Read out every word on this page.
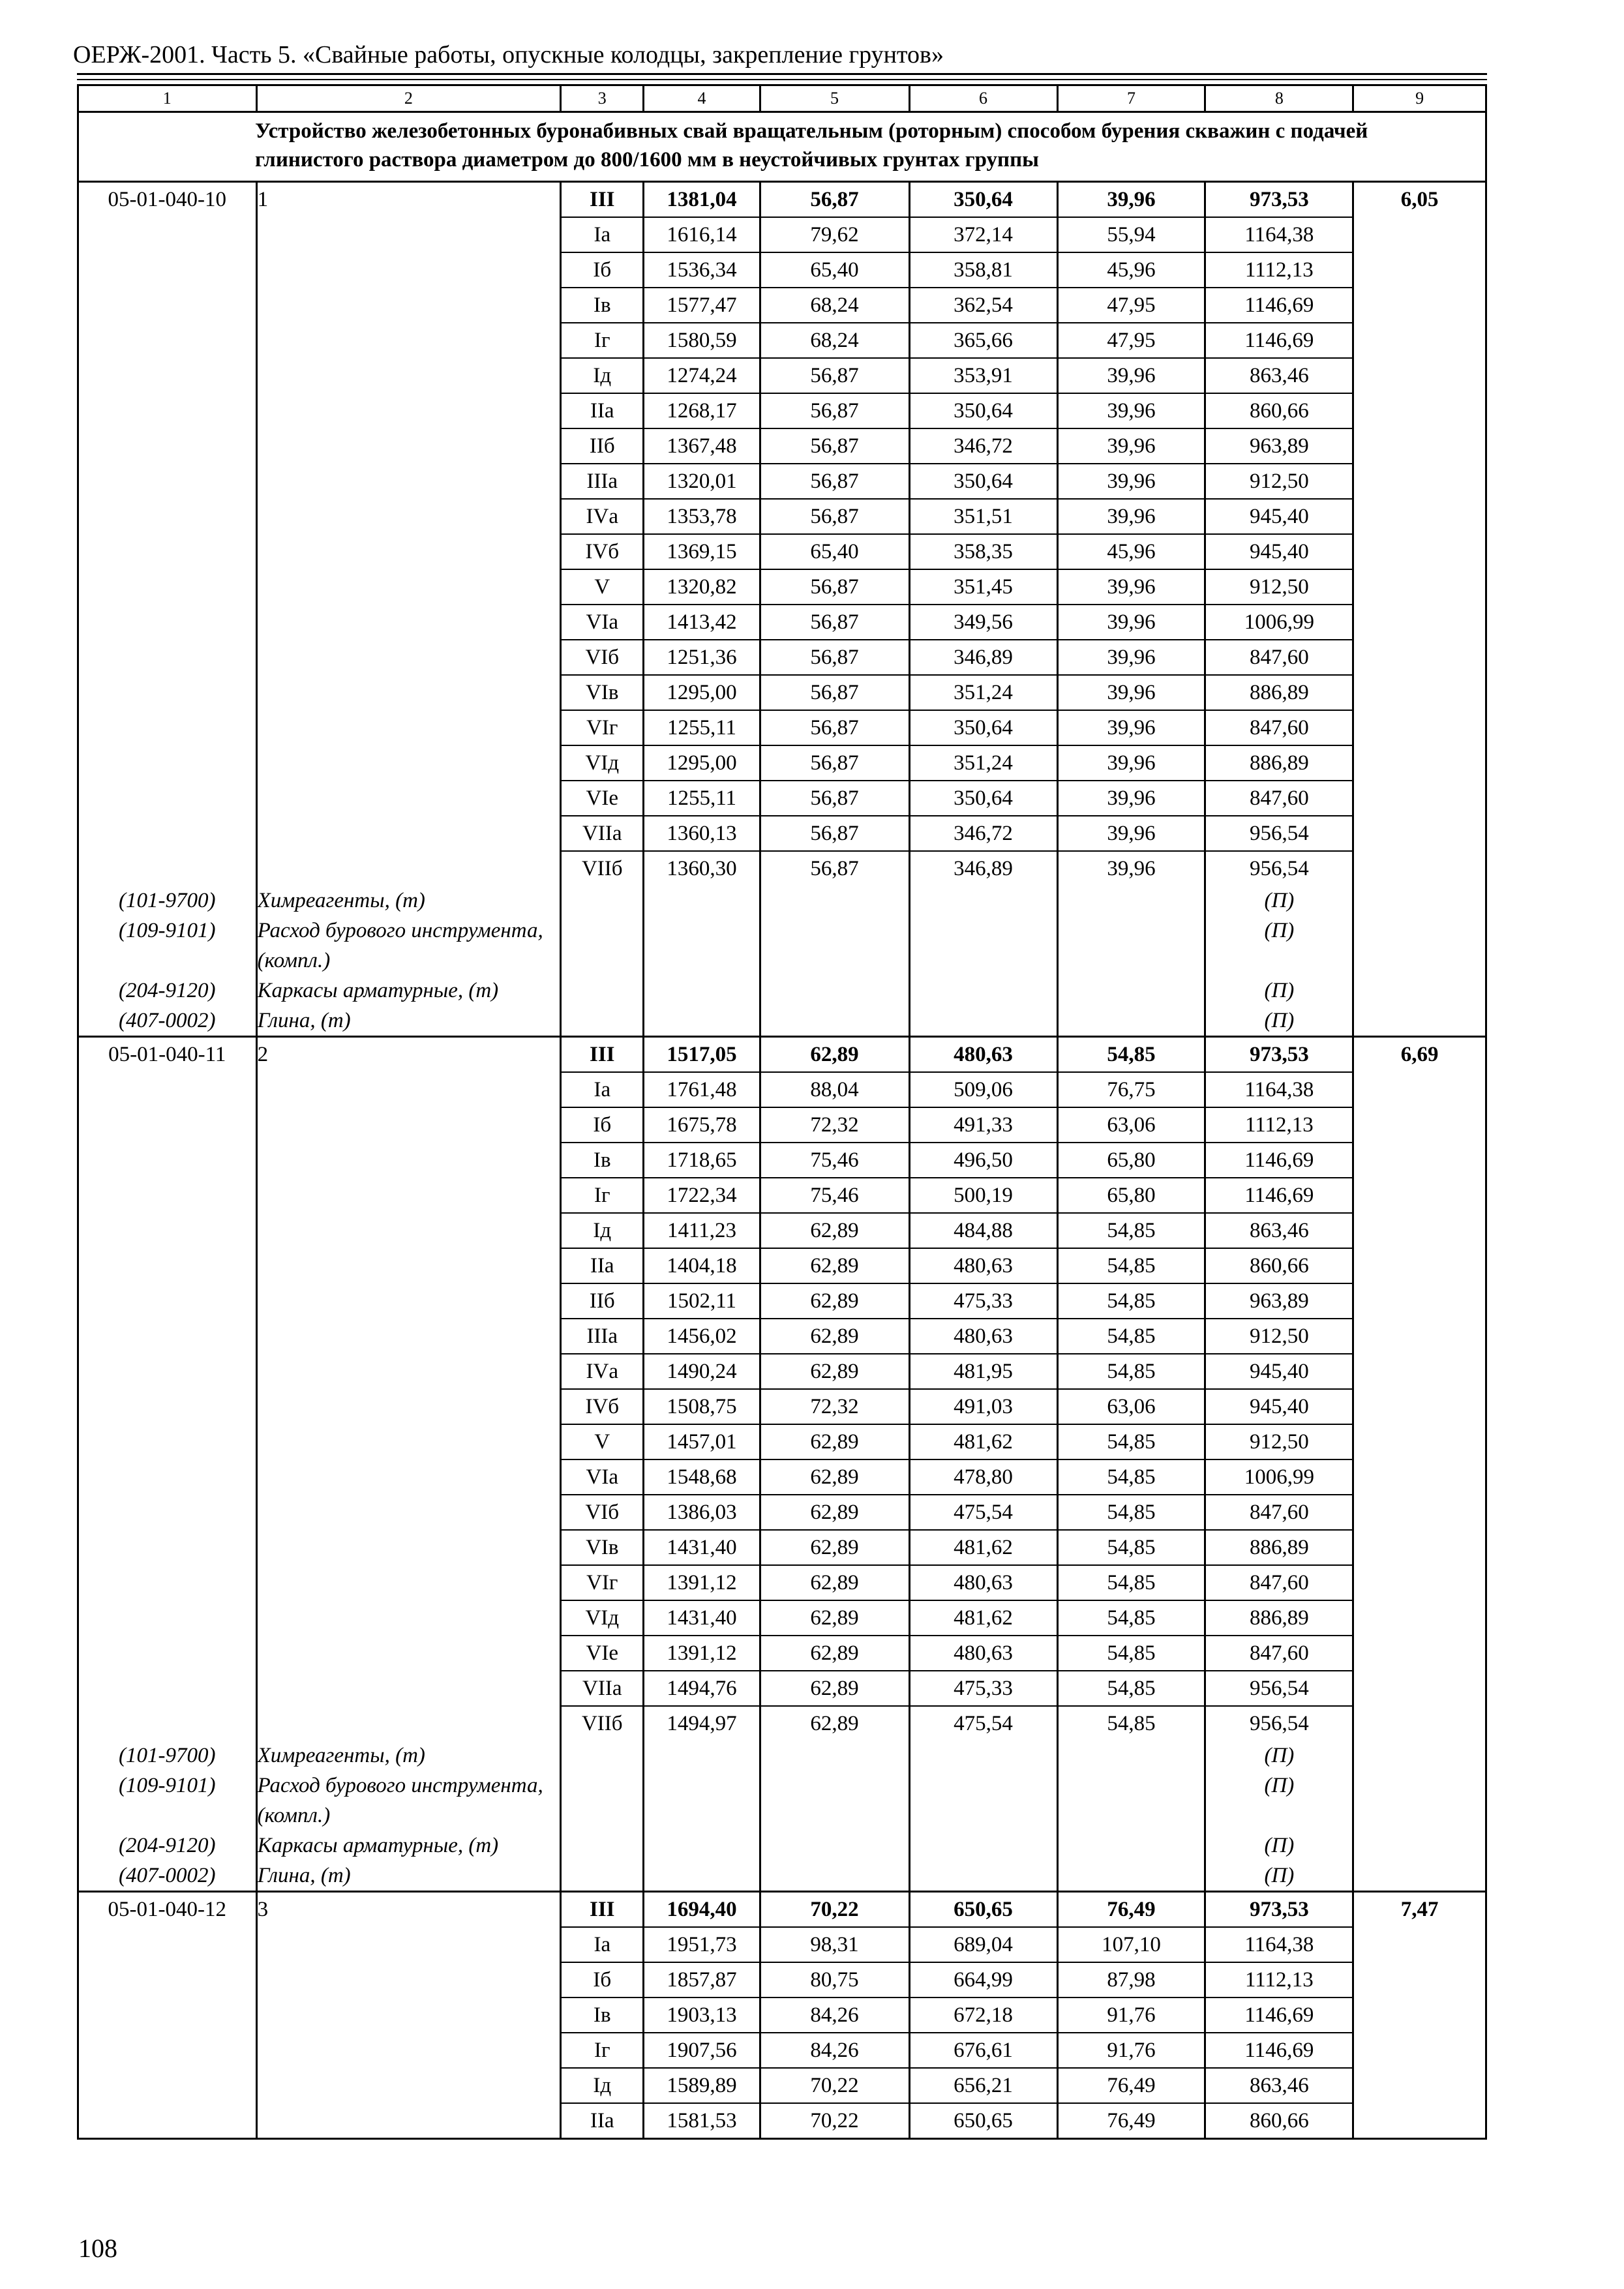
ОЕРЖ-2001. Часть 5. «Свайные работы, опускные колодцы, закрепление грунтов»
1	2	3	4	5	6	7	8	9

Устройство железобетонных буронабивных свай вращательным (роторным) способом бурения скважин с подачей глинистого раствора диаметром до 800/1600 мм в неустойчивых грунтах группы								

05-01-040-10	1	III	1381,04	56,87	350,64	39,96	973,53	6,05
		Iа	1616,14	79,62	372,14	55,94	1164,38	
		Iб	1536,34	65,40	358,81	45,96	1112,13	
		Iв	1577,47	68,24	362,54	47,95	1146,69	
		Iг	1580,59	68,24	365,66	47,95	1146,69	
		Iд	1274,24	56,87	353,91	39,96	863,46	
		IIа	1268,17	56,87	350,64	39,96	860,66	
		IIб	1367,48	56,87	346,72	39,96	963,89	
		IIIа	1320,01	56,87	350,64	39,96	912,50	
		IVа	1353,78	56,87	351,51	39,96	945,40	
		IVб	1369,15	65,40	358,35	45,96	945,40	
		V	1320,82	56,87	351,45	39,96	912,50	
		VIа	1413,42	56,87	349,56	39,96	1006,99	
		VIб	1251,36	56,87	346,89	39,96	847,60	
		VIв	1295,00	56,87	351,24	39,96	886,89	
		VIг	1255,11	56,87	350,64	39,96	847,60	
		VIд	1295,00	56,87	351,24	39,96	886,89	
		VIе	1255,11	56,87	350,64	39,96	847,60	
		VIIа	1360,13	56,87	346,72	39,96	956,54	
		VIIб	1360,30	56,87	346,89	39,96	956,54	
(101-9700)	Химреагенты, (т)						(П)	
(109-9101)	Расход бурового инструмента, (компл.)						(П)	
(204-9120)	Каркасы арматурные, (т)						(П)	
(407-0002)	Глина, (т)						(П)	
05-01-040-11	2	III	1517,05	62,89	480,63	54,85	973,53	6,69
		Iа	1761,48	88,04	509,06	76,75	1164,38	
		Iб	1675,78	72,32	491,33	63,06	1112,13	
		Iв	1718,65	75,46	496,50	65,80	1146,69	
		Iг	1722,34	75,46	500,19	65,80	1146,69	
		Iд	1411,23	62,89	484,88	54,85	863,46	
		IIа	1404,18	62,89	480,63	54,85	860,66	
		IIб	1502,11	62,89	475,33	54,85	963,89	
		IIIа	1456,02	62,89	480,63	54,85	912,50	
		IVа	1490,24	62,89	481,95	54,85	945,40	
		IVб	1508,75	72,32	491,03	63,06	945,40	
		V	1457,01	62,89	481,62	54,85	912,50	
		VIа	1548,68	62,89	478,80	54,85	1006,99	
		VIб	1386,03	62,89	475,54	54,85	847,60	
		VIв	1431,40	62,89	481,62	54,85	886,89	
		VIг	1391,12	62,89	480,63	54,85	847,60	
		VIд	1431,40	62,89	481,62	54,85	886,89	
		VIе	1391,12	62,89	480,63	54,85	847,60	
		VIIа	1494,76	62,89	475,33	54,85	956,54	
		VIIб	1494,97	62,89	475,54	54,85	956,54	
(101-9700)	Химреагенты, (т)						(П)	
(109-9101)	Расход бурового инструмента, (компл.)						(П)	
(204-9120)	Каркасы арматурные, (т)						(П)	
(407-0002)	Глина, (т)						(П)	
05-01-040-12	3	III	1694,40	70,22	650,65	76,49	973,53	7,47
		Iа	1951,73	98,31	689,04	107,10	1164,38	
		Iб	1857,87	80,75	664,99	87,98	1112,13	
		Iв	1903,13	84,26	672,18	91,76	1146,69	
		Iг	1907,56	84,26	676,61	91,76	1146,69	
		Iд	1589,89	70,22	656,21	76,49	863,46	
		IIа	1581,53	70,22	650,65	76,49	860,66	
108
